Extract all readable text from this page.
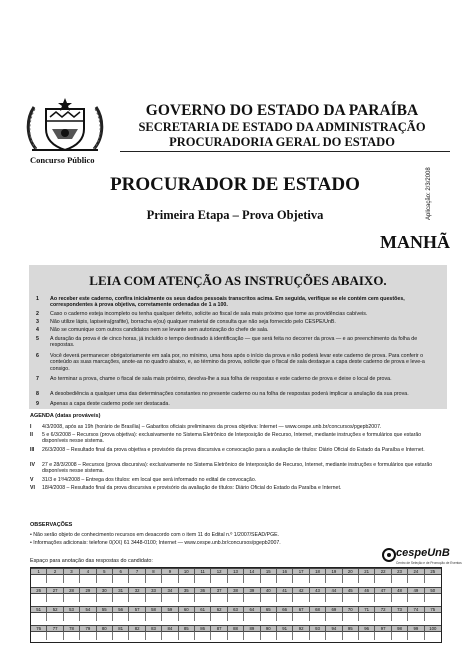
GOVERNO DO ESTADO DA PARAÍBA
SECRETARIA DE ESTADO DA ADMINISTRAÇÃO
PROCURADORIA GERAL DO ESTADO
Concurso Público
Aplicação: 2/3/2008
PROCURADOR DE ESTADO
Primeira Etapa – Prova Objetiva
MANHÃ
LEIA COM ATENÇÃO AS INSTRUÇÕES ABAIXO.
1 Ao receber este caderno, confira inicialmente os seus dados pessoais transcritos acima. Em seguida, verifique se ele contém cem questões, correspondentes à prova objetiva, corretamente ordenadas de 1 a 100.
2 Caso o caderno esteja incompleto ou tenha qualquer defeito, solicite ao fiscal de sala mais próximo que tome as providências cabíveis.
3 Não utilize lápis, lapiseira(grafite), borracha e(ou) qualquer material de consulta que não seja fornecido pelo CESPE/UnB.
4 Não se comunique com outros candidatos nem se levante sem autorização do chefe de sala.
5 A duração da prova é de cinco horas, já incluído o tempo destinado à identificação — que será feita no decorrer da prova — e ao preenchimento da folha de respostas.
6 Você deverá permanecer obrigatoriamente em sala por, no mínimo, uma hora após o início da prova e não poderá levar este caderno de prova. Para conferir o conteúdo as suas marcações, anote-as no quadro abaixo, e, ao término da prova, solicite que o fiscal de sala destaque a capa deste caderno de prova e leve-a consigo.
7 Ao terminar a prova, chame o fiscal de sala mais próximo, devolva-lhe a sua folha de respostas e este caderno de prova e deixe o local de prova.
8 A desobediência a qualquer uma das determinações constantes no presente caderno ou na folha de respostas poderá implicar a anulação da sua prova.
9 Apenas a capa deste caderno pode ser destacada.
AGENDA (datas prováveis)
I 4/3/2008, após as 19h (horário de Brasília) – Gabaritos oficiais preliminares da prova objetiva: Internet — www.cespe.unb.br/concursos/pgepb2007.
II 5 e 6/3/2008 – Recursos (prova objetiva): exclusivamente no Sistema Eletrônico de Interposição de Recurso, Internet, mediante instruções e formulários que estarão disponíveis nesse sistema.
III 26/3/2008 – Resultado final da prova objetiva e provisório da prova discursiva e convocação para a avaliação de títulos: Diário Oficial do Estado da Paraíba e Internet.
IV 27 e 28/3/2008 – Recursos (prova discursiva): exclusivamente no Sistema Eletrônico de Interposição de Recurso, Internet, mediante instruções e formulários que estarão disponíveis nesse sistema.
V 31/3 e 1º/4/2008 – Entrega dos títulos: em local que será informado no edital de convocação.
VI 18/4/2008 – Resultado final da prova discursiva e provisório da avaliação de títulos: Diário Oficial do Estado da Paraíba e Internet.
OBSERVAÇÕES
• Não serão objeto de conhecimento recursos em desacordo com o item 11 do Edital n.º 1/2007/SEAD/PGE.
• Informações adicionais: telefone 0(XX) 61 3448-0100; Internet — www.cespe.unb.br/concursos/pgepb2007.
cespeUnB
Centro de Seleção e de Promoção de Eventos
Espaço para anotação das respostas do candidato:
1	2	3	4	5	6	7	8	9	10	11	12	13	14	15	16	17	18	19	20	21	22	23	24	25
26	27	28	29	30	31	32	33	34	35	36	37	38	39	40	41	42	43	44	45	46	47	48	49	50
51	52	53	54	55	56	57	58	59	60	61	62	63	64	65	66	67	68	69	70	71	72	73	74	75
76	77	78	79	80	81	82	83	84	85	86	87	88	89	90	91	92	93	94	95	96	97	98	99	100
